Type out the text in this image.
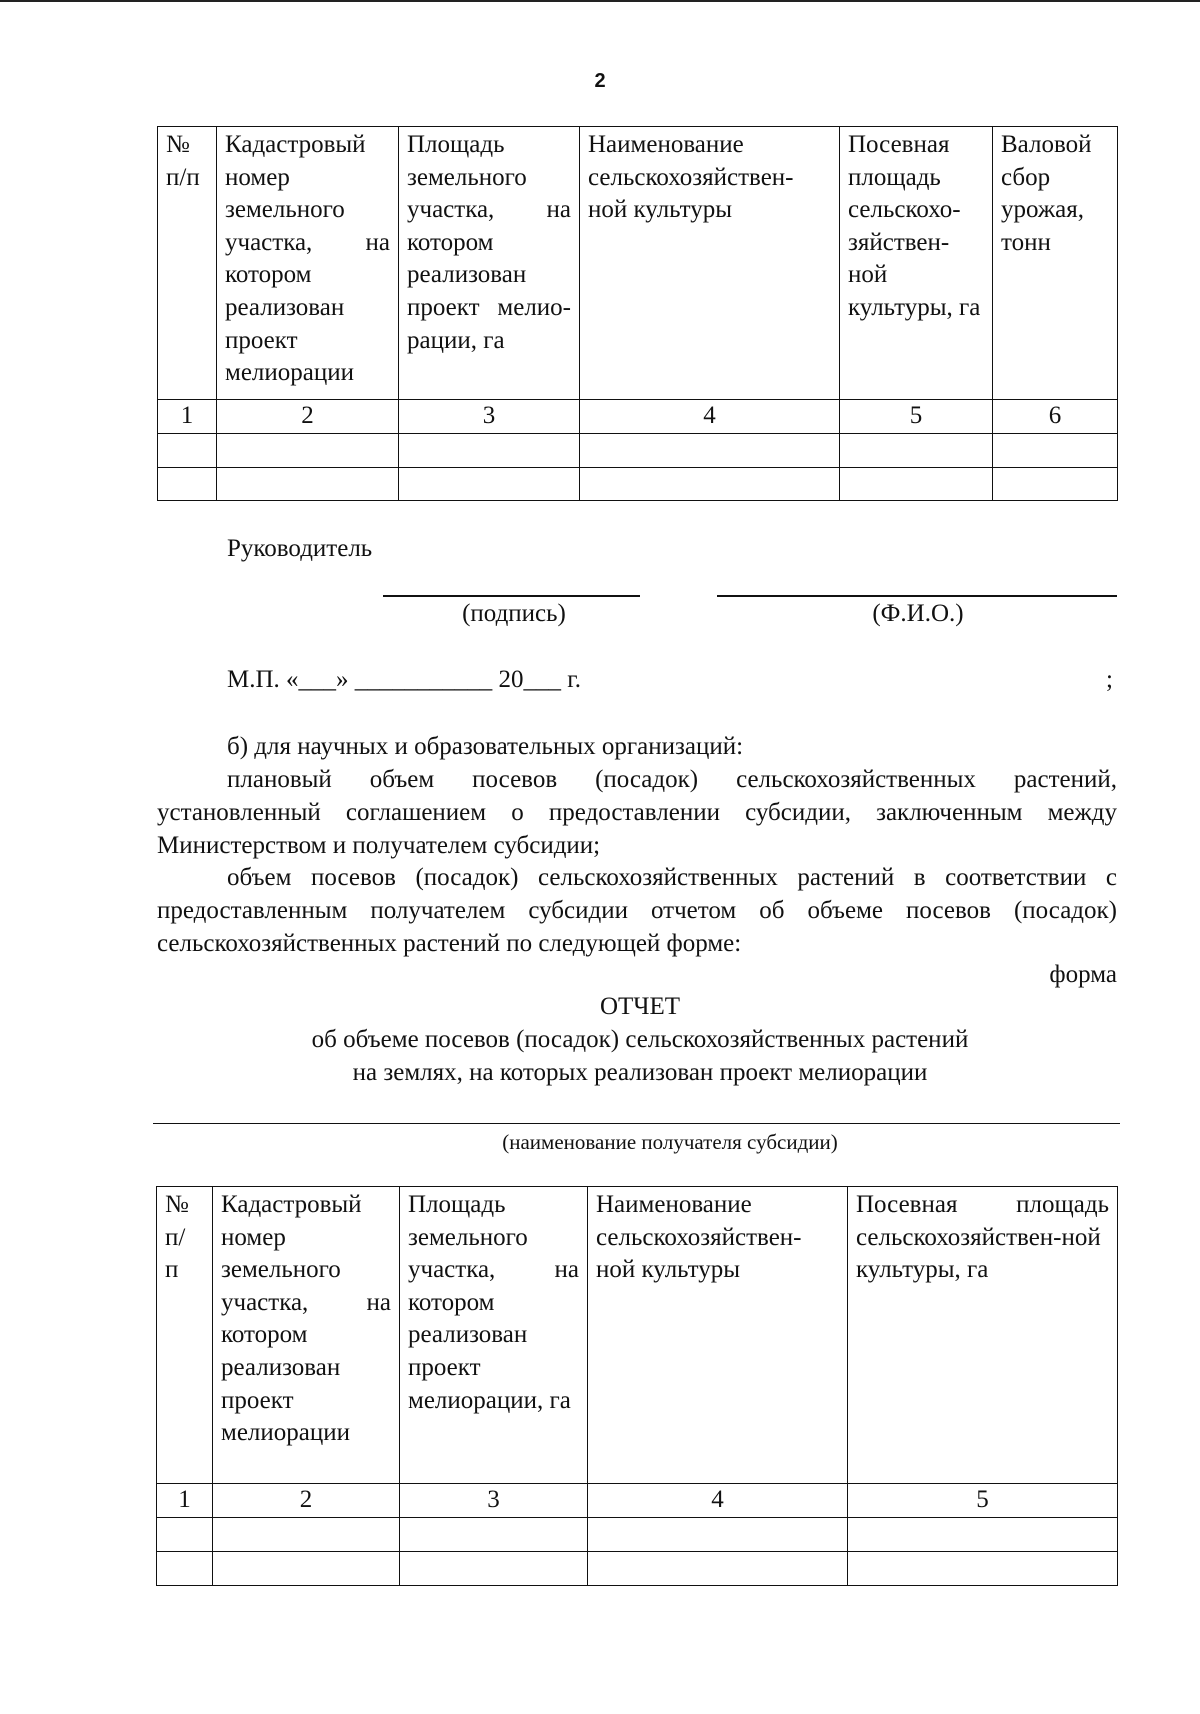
2
№ п/п	Кадастровый номер земельного участка, на котором реализован проект мелиорации	Площадь земельного участка, на котором реализован проект мелио-рации, га	Наименование сельскохозяйствен-ной культуры	Посевная площадь сельскохо-зяйствен-ной культуры, га	Валовой сбор урожая, тонн
1	2	3	4	5	6

Руководитель
(подпись)	(Ф.И.О.)
М.П. «___» ___________ 20___ г.	;
б) для научных и образовательных организаций:
плановый объем посевов (посадок) сельскохозяйственных растений, установленный соглашением о предоставлении субсидии, заключенным между Министерством и получателем субсидии;
объем посевов (посадок) сельскохозяйственных растений в соответствии с предоставленным получателем субсидии отчетом об объеме посевов (посадок) сельскохозяйственных растений по следующей форме:
форма
ОТЧЕТ
об объеме посевов (посадок) сельскохозяйственных растений
на землях, на которых реализован проект мелиорации
(наименование получателя субсидии)
№ п/ п	Кадастровый номер земельного участка, на котором реализован проект мелиорации	Площадь земельного участка, на котором реализован проект мелиорации, га	Наименование сельскохозяйствен-ной культуры	Посевная площадь сельскохозяйствен-ной культуры, га
1	2	3	4	5
